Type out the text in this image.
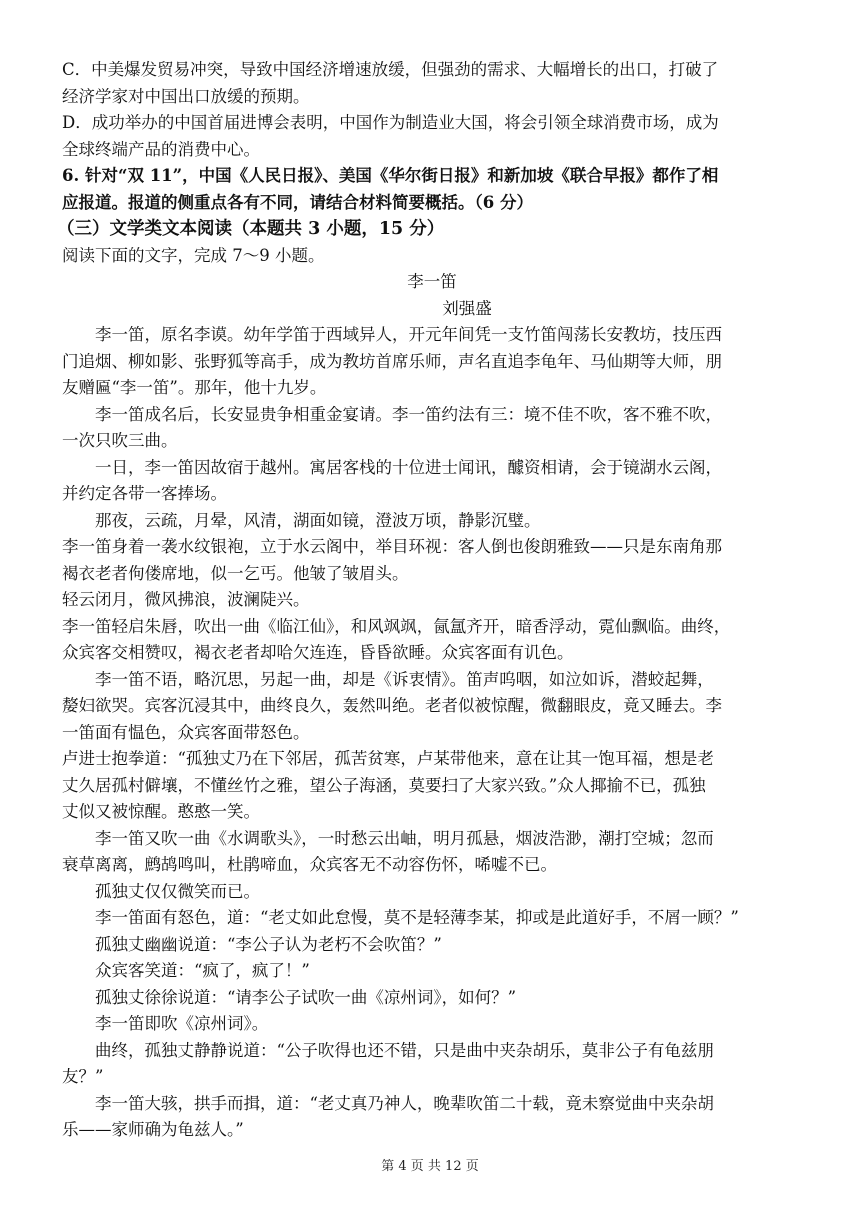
C．中美爆发贸易冲突，导致中国经济增速放缓，但强劲的需求、大幅增长的出口，打破了
经济学家对中国出口放缓的预期。
D．成功举办的中国首届进博会表明，中国作为制造业大国，将会引领全球消费市场，成为
全球终端产品的消费中心。
6. 针对“双 11”，中国《人民日报》、美国《华尔街日报》和新加坡《联合早报》都作了相
应报道。报道的侧重点各有不同，请结合材料简要概括。（6 分）
（三）文学类文本阅读（本题共 3 小题，15 分）
阅读下面的文字，完成 7～9 小题。
李一笛
刘强盛
李一笛，原名李谟。幼年学笛于西域异人，开元年间凭一支竹笛闯荡长安教坊，技压西
门追烟、柳如影、张野狐等高手，成为教坊首席乐师，声名直追李龟年、马仙期等大师，朋
友赠匾“李一笛”。那年，他十九岁。
李一笛成名后，长安显贵争相重金宴请。李一笛约法有三：境不佳不吹，客不雅不吹，
一次只吹三曲。
一日，李一笛因故宿于越州。寓居客栈的十位进士闻讯，醵资相请，会于镜湖水云阁，
并约定各带一客捧场。
那夜，云疏，月晕，风清，湖面如镜，澄波万顷，静影沉璧。
李一笛身着一袭水纹银袍，立于水云阁中，举目环视：客人倒也俊朗雅致——只是东南角那
褐衣老者佝偻席地，似一乞丐。他皱了皱眉头。
轻云闭月，微风拂浪，波澜陡兴。
李一笛轻启朱唇，吹出一曲《临江仙》，和风飒飒，氤氲齐开，暗香浮动，霓仙飘临。曲终，
众宾客交相赞叹，褐衣老者却哈欠连连，昏昏欲睡。众宾客面有讥色。
李一笛不语，略沉思，另起一曲，却是《诉衷情》。笛声呜咽，如泣如诉，潜蛟起舞，
嫠妇欲哭。宾客沉浸其中，曲终良久，轰然叫绝。老者似被惊醒，微翻眼皮，竟又睡去。李
一笛面有愠色，众宾客面带怒色。
卢进士抱拳道：“孤独丈乃在下邻居，孤苦贫寒，卢某带他来，意在让其一饱耳福，想是老
丈久居孤村僻壤，不懂丝竹之雅，望公子海涵，莫要扫了大家兴致。”众人揶揄不已，孤独
丈似又被惊醒。憨憨一笑。
李一笛又吹一曲《水调歌头》，一时愁云出岫，明月孤悬，烟波浩渺，潮打空城；忽而
衰草离离，鹧鸪鸣叫，杜鹃啼血，众宾客无不动容伤怀，唏嘘不已。
孤独丈仅仅微笑而已。
李一笛面有怒色，道：“老丈如此怠慢，莫不是轻薄李某，抑或是此道好手，不屑一顾？”
孤独丈幽幽说道：“李公子认为老朽不会吹笛？”
众宾客笑道：“疯了，疯了！”
孤独丈徐徐说道：“请李公子试吹一曲《凉州词》，如何？”
李一笛即吹《凉州词》。
曲终，孤独丈静静说道：“公子吹得也还不错，只是曲中夹杂胡乐，莫非公子有龟兹朋
友？”
李一笛大骇，拱手而揖，道：“老丈真乃神人，晚辈吹笛二十载，竟未察觉曲中夹杂胡
乐——家师确为龟兹人。”
第 4 页 共 12 页
